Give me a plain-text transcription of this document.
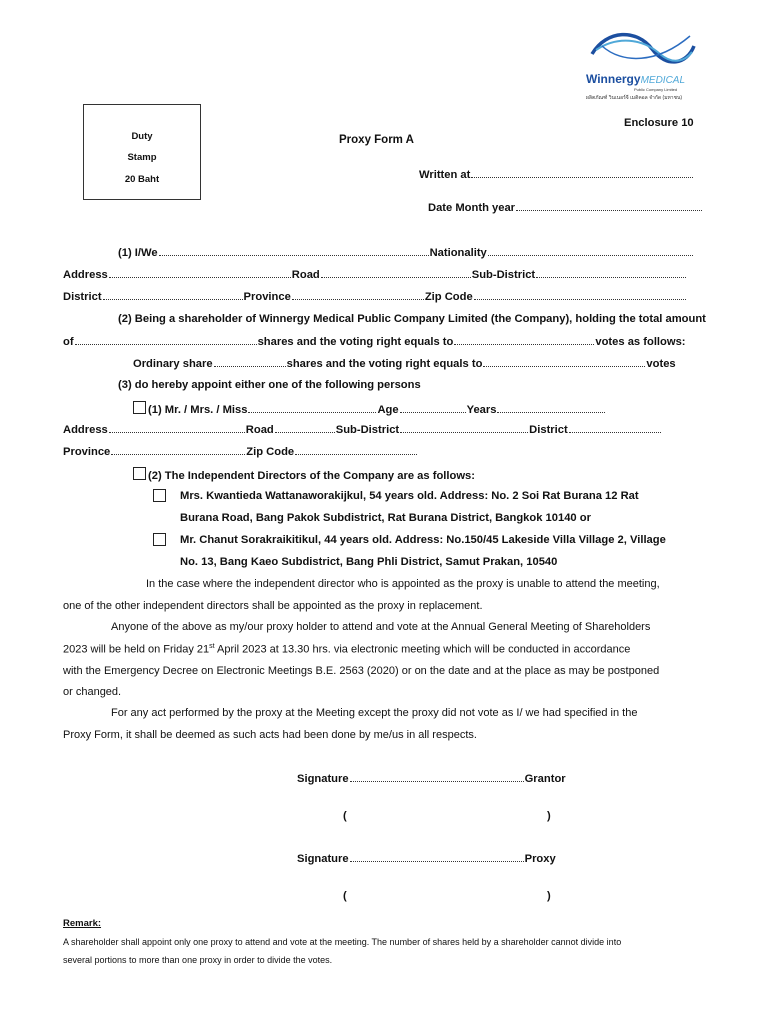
WinnergyMEDICAL
Public Company Limited
ผลิตภัณฑ์ วินเนอร์จี เมดิคอล จำกัด (มหาชน)
Enclosure 10
Duty
Stamp
20 Baht
Proxy Form A
Written at
Date Month year
(1) I/We	Nationality
Address	Road	Sub-District
District	Province	Zip Code
(2) Being a shareholder of Winnergy Medical Public Company Limited (the Company), holding the total amount
of	shares and the voting right equals to	votes as follows:
Ordinary share	shares and the voting right equals to	votes
(3) do hereby appoint either one of the following persons
(1) Mr. / Mrs. / Miss	Age	Years
Address	Road	Sub-District	District
Province	Zip Code
(2) The Independent Directors of the Company are as follows:
Mrs. Kwantieda Wattanaworakijkul, 54 years old. Address: No. 2 Soi Rat Burana 12 Rat
Burana Road, Bang Pakok Subdistrict, Rat Burana District, Bangkok 10140 or
Mr. Chanut Sorakraikitikul, 44 years old. Address: No.150/45 Lakeside Villa Village 2, Village
No. 13, Bang Kaeo Subdistrict, Bang Phli District, Samut Prakan, 10540
In the case where the independent director who is appointed as the proxy is unable to attend the meeting,
one of the other independent directors shall be appointed as the proxy in replacement.
Anyone of the above as my/our proxy holder to attend and vote at the Annual General Meeting of Shareholders
2023 will be held on Friday 21st April 2023 at 13.30 hrs. via electronic meeting which will be conducted in accordance
with the Emergency Decree on Electronic Meetings B.E. 2563 (2020) or on the date and at the place as may be postponed
or changed.
For any act performed by the proxy at the Meeting except the proxy did not vote as I/ we had specified in the
Proxy Form, it shall be deemed as such acts had been done by me/us in all respects.
Signature	Grantor
(	)
Signature	Proxy
(	)
Remark:
A shareholder shall appoint only one proxy to attend and vote at the meeting. The number of shares held by a shareholder cannot divide into
several portions to more than one proxy in order to divide the votes.
